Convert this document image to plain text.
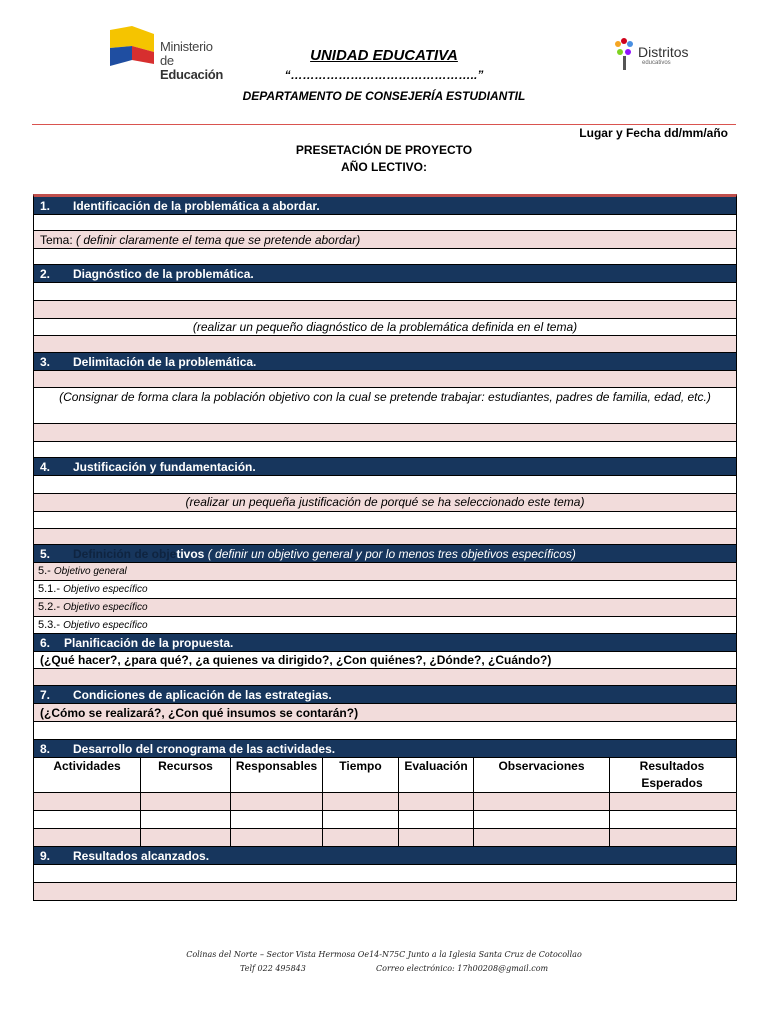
Ministerio
de Educación
Distritos
educativos
UNIDAD EDUCATIVA
“………………………………………..”
DEPARTAMENTO DE CONSEJERÍA ESTUDIANTIL
Lugar y Fecha dd/mm/año
PRESETACIÓN DE PROYECTO
AÑO LECTIVO:
1. Identificación de la problemática a abordar.
Tema: ( definir claramente el tema que se pretende abordar)
2. Diagnóstico de la problemática.
(realizar un pequeño diagnóstico de la problemática definida en el tema)
3. Delimitación de la problemática.
(Consignar de forma clara la población objetivo con la cual se pretende trabajar: estudiantes, padres de familia, edad, etc.)
4. Justificación y fundamentación.
(realizar un pequeña justificación de porqué se ha seleccionado este tema)
5. Definición de objetivos ( definir un objetivo general y por lo menos tres objetivos específicos)
5.- Objetivo general
5.1.- Objetivo específico
5.2.- Objetivo específico
5.3.- Objetivo específico
6. Planificación de la propuesta.
(¿Qué hacer?, ¿para qué?, ¿a quienes va dirigido?, ¿Con quiénes?, ¿Dónde?, ¿Cuándo?)
7. Condiciones de aplicación de las estrategias.
(¿Cómo se realizará?, ¿Con qué insumos se contarán?)
8. Desarrollo del cronograma de las actividades.
Actividades	Recursos	Responsables	Tiempo	Evaluación	Observaciones	Resultados Esperados
9. Resultados alcanzados.
Colinas del Norte – Sector Vista Hermosa Oe14-N75C Junto a la Iglesia Santa Cruz de Cotocollao
Telf 022 495843	Correo electrónico: 17h00208@gmail.com
